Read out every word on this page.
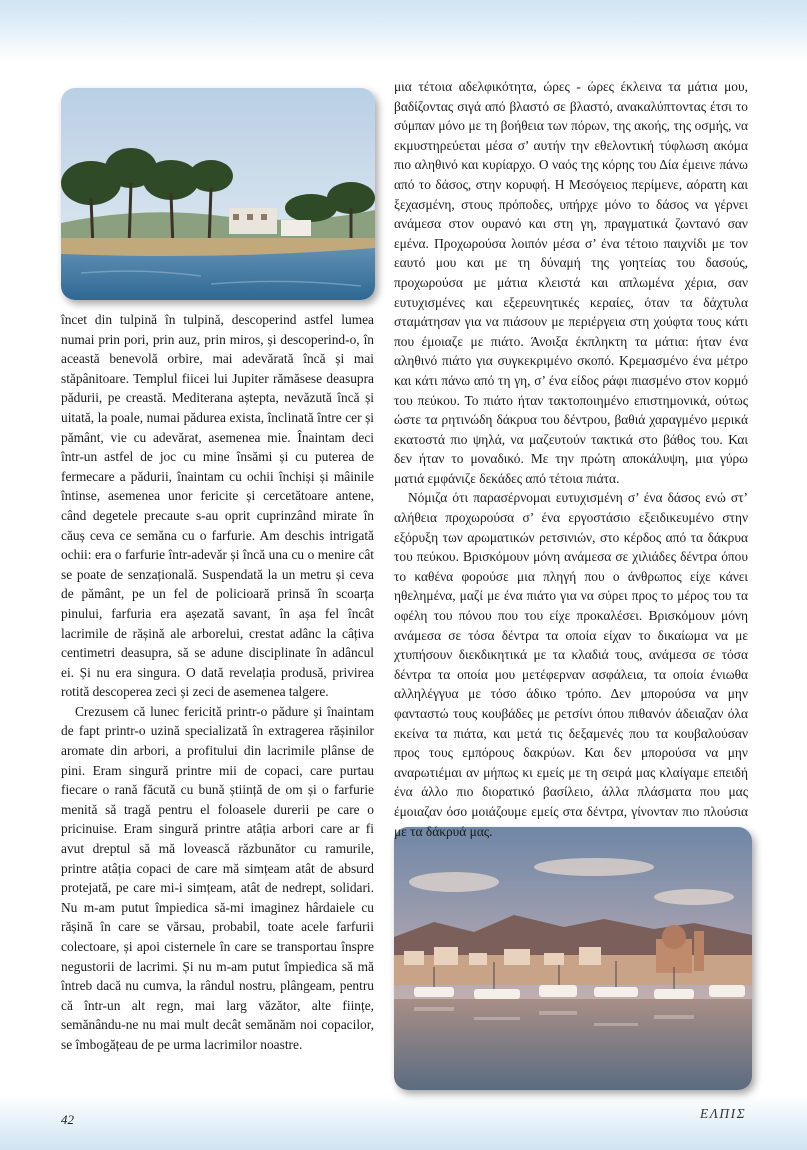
încet din tulpină în tulpină, descoperind astfel lumea numai prin pori, prin auz, prin miros, și descoperind-o, în această benevolă orbire, mai adevărată încă și mai stăpânitoare. Templul fiicei lui Jupiter rămăsese deasupra pădurii, pe creastă. Mediterana aștepta, nevăzută încă și uitată, la poale, numai pădurea exista, înclinată între cer și pământ, vie cu adevărat, asemenea mie. Înaintam deci într-un astfel de joc cu mine însămi și cu puterea de fermecare a pădurii, înaintam cu ochii închiși și mâinile întinse, asemenea unor fericite și cercetătoare antene, când degetele precaute s-au oprit cuprinzând mirate în căuș ceva ce semăna cu o farfurie. Am deschis intrigată ochii: era o farfurie într-adevăr și încă una cu o menire cât se poate de senzațională. Suspendată la un metru și ceva de pământ, pe un fel de policioară prinsă în scoarța pinului, farfuria era așezată savant, în așa fel încât lacrimile de rășină ale arborelui, crestat adânc la câțiva centimetri deasupra, să se adune disciplinate în adâncul ei. Și nu era singura. O dată revelația produsă, privirea rotită descoperea zeci și zeci de asemenea talgere.

Crezusem că lunec fericită printr-o pădure și înaintam de fapt printr-o uzină specializată în extragerea rășinilor aromate din arbori, a profitului din lacrimile plânse de pini. Eram singură printre mii de copaci, care purtau fiecare o rană făcută cu bună știință de om și o farfurie menită să tragă pentru el foloasele durerii pe care o pricinuise. Eram singură printre atâția arbori care ar fi avut dreptul să mă lovească răzbunător cu ramurile, printre atâția copaci de care mă simțeam atât de absurd protejată, pe care mi-i simțeam, atât de nedrept, solidari. Nu m-am putut împiedica să-mi imaginez hârdaiele cu rășină în care se vărsau, probabil, toate acele farfurii colectoare, și apoi cisternele în care se transportau înspre negustorii de lacrimi. Și nu m-am putut împiedica să mă întreb dacă nu cumva, la rândul nostru, plângeam, pentru că într-un alt regn, mai larg văzător, alte ființe, semănându-ne nu mai mult decât semănăm noi copacilor, se îmbogățeau de pe urma lacrimilor noastre.

μια τέτοια αδελφικότητα, ώρες - ώρες έκλεινα τα μάτια μου, βαδίζοντας σιγά από βλαστό σε βλαστό, ανακαλύπτοντας έτσι το σύμπαν μόνο με τη βοήθεια των πόρων, της ακοής, της οσμής, να εκμυστηρεύεται μέσα σ’ αυτήν την εθελοντική τύφλωση ακόμα πιο αληθινό και κυρίαρχο. Ο ναός της κόρης του Δία έμεινε πάνω από το δάσος, στην κορυφή. Η Μεσόγειος περίμενε, αόρατη και ξεχασμένη, στους πρόποδες, υπήρχε μόνο το δάσος να γέρνει ανάμεσα στον ουρανό και στη γη, πραγματικά ζωντανό σαν εμένα. Προχωρούσα λοιπόν μέσα σ’ ένα τέτοιο παιχνίδι με τον εαυτό μου και με τη δύναμή της γοητείας του δασούς, προχωρούσα με μάτια κλειστά και απλωμένα χέρια, σαν ευτυχισμένες και εξερευνητικές κεραίες, όταν τα δάχτυλα σταμάτησαν για να πιάσουν με περιέργεια στη χούφτα τους κάτι που έμοιαζε με πιάτο. Άνοιξα έκπληκτη τα μάτια: ήταν ένα αληθινό πιάτο για συγκεκριμένο σκοπό. Κρεμασμένο ένα μέτρο και κάτι πάνω από τη γη, σ’ ένα είδος ράφι πιασμένο στον κορμό του πεύκου. Το πιάτο ήταν τακτοποιημένο επιστημονικά, ούτως ώστε τα ρητινώδη δάκρυα του δέντρου, βαθιά χαραγμένο μερικά εκατοστά πιο ψηλά, να μαζευτούν τακτικά στο βάθος του. Και δεν ήταν το μοναδικό. Με την πρώτη αποκάλυψη, μια γύρω ματιά εμφάνιζε δεκάδες από τέτοια πιάτα.

Νόμιζα ότι παρασέρνομαι ευτυχισμένη σ’ ένα δάσος ενώ στ’ αλήθεια προχωρούσα σ’ ένα εργοστάσιο εξειδικευμένο στην εξόρυξη των αρωματικών ρετσινιών, στο κέρδος από τα δάκρυα του πεύκου. Βρισκόμουν μόνη ανάμεσα σε χιλιάδες δέντρα όπου το καθένα φορούσε μια πληγή που ο άνθρωπος είχε κάνει ηθελημένα, μαζί με ένα πιάτο για να σύρει προς το μέρος του τα οφέλη του πόνου που του είχε προκαλέσει. Βρισκόμουν μόνη ανάμεσα σε τόσα δέντρα τα οποία είχαν το δικαίωμα να με χτυπήσουν διεκδικητικά με τα κλαδιά τους, ανάμεσα σε τόσα δέντρα τα οποία μου μετέφερναν ασφάλεια, τα οποία ένιωθα αλληλέγγυα με τόσο άδικο τρόπο. Δεν μπορούσα να μην φανταστώ τους κουβάδες με ρετσίνι όπου πιθανόν άδειαζαν όλα εκείνα τα πιάτα, και μετά τις δεξαμενές που τα κουβαλούσαν προς τους εμπόρους δακρύων. Και δεν μπορούσα να μην αναρωτιέμαι αν μήπως κι εμείς με τη σειρά μας κλαίγαμε επειδή ένα άλλο πιο διορατικό βασίλειο, άλλα πλάσματα που μας έμοιαζαν όσο μοιάζουμε εμείς στα δέντρα, γίνονταν πιο πλούσια με τα δάκρυά μας.

42	ΕΛΠΙΣ
